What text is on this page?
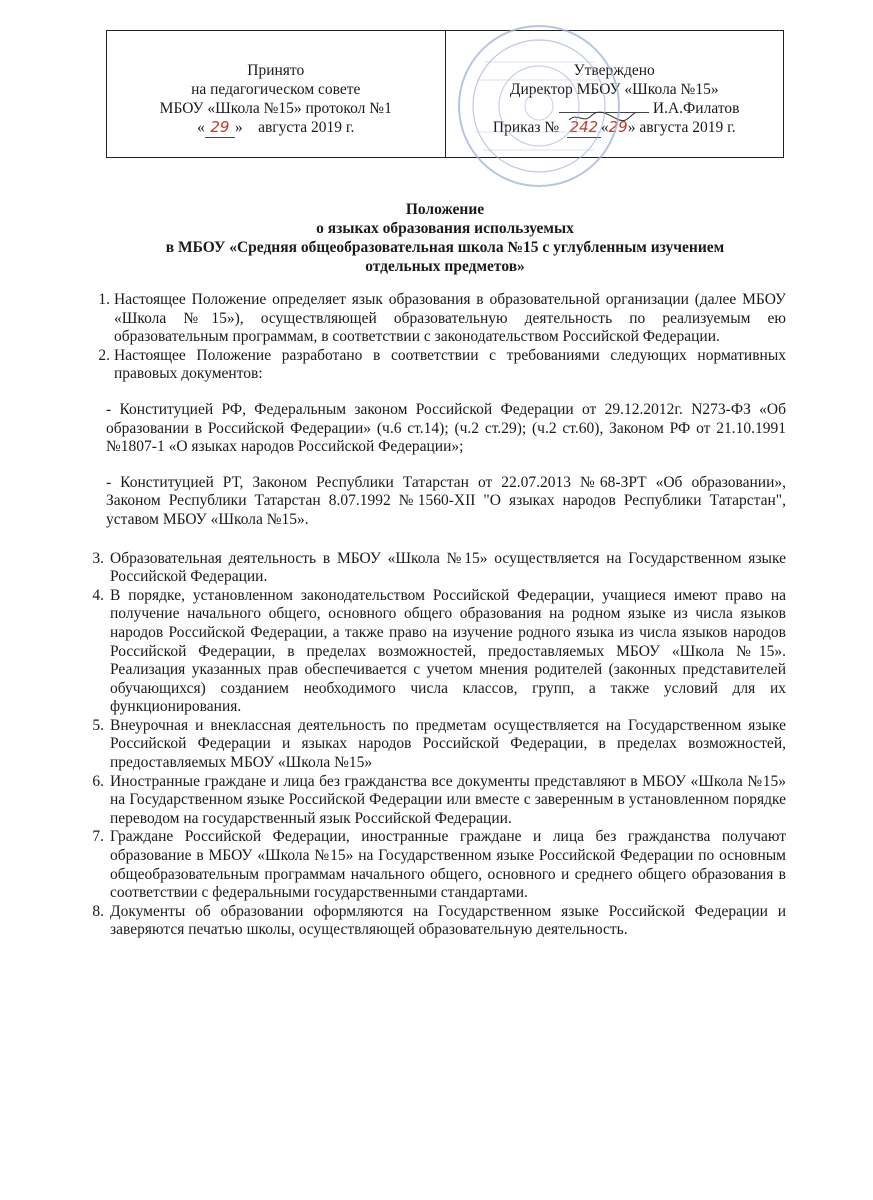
Принято
на педагогическом совете
МБОУ «Школа №15» протокол №1
« 29 » августа 2019 г.
Утверждено
Директор МБОУ «Школа №15»
И.А.Филатов
Приказ № 242 «29» августа 2019 г.
Положение
о языках образования используемых
в МБОУ «Средняя общеобразовательная школа №15 с углубленным изучением
отдельных предметов»
1. Настоящее Положение определяет язык образования в образовательной организации (далее МБОУ «Школа №15»), осуществляющей образовательную деятельность по реализуемым ею образовательным программам, в соответствии с законодательством Российской Федерации.
2. Настоящее Положение разработано в соответствии с требованиями следующих нормативных правовых документов:

- Конституцией РФ, Федеральным законом Российской Федерации от 29.12.2012г. N273-ФЗ «Об образовании в Российской Федерации» (ч.6 ст.14); (ч.2 ст.29); (ч.2 ст.60), Законом РФ от 21.10.1991 №1807-1 «О языках народов Российской Федерации»;

- Конституцией РТ, Законом Республики Татарстан от 22.07.2013 №68-ЗРТ «Об образовании», Законом Республики Татарстан 8.07.1992 №1560-XII "О языках народов Республики Татарстан", уставом МБОУ «Школа №15».

3. Образовательная деятельность в МБОУ «Школа №15» осуществляется на Государственном языке Российской Федерации.
4. В порядке, установленном законодательством Российской Федерации, учащиеся имеют право на получение начального общего, основного общего образования на родном языке из числа языков народов Российской Федерации, а также право на изучение родного языка из числа языков народов Российской Федерации, в пределах возможностей, предоставляемых МБОУ «Школа №15». Реализация указанных прав обеспечивается с учетом мнения родителей (законных представителей обучающихся) созданием необходимого числа классов, групп, а также условий для их функционирования.
5. Внеурочная и внеклассная деятельность по предметам осуществляется на Государственном языке Российской Федерации и языках народов Российской Федерации, в пределах возможностей, предоставляемых МБОУ «Школа №15»
6. Иностранные граждане и лица без гражданства все документы представляют в МБОУ «Школа №15» на Государственном языке Российской Федерации или вместе с заверенным в установленном порядке переводом на государственный язык Российской Федерации.
7. Граждане Российской Федерации, иностранные граждане и лица без гражданства получают образование в МБОУ «Школа №15» на Государственном языке Российской Федерации по основным общеобразовательным программам начального общего, основного и среднего общего образования в соответствии с федеральными государственными стандартами.
8. Документы об образовании оформляются на Государственном языке Российской Федерации и заверяются печатью школы, осуществляющей образовательную деятельность.
